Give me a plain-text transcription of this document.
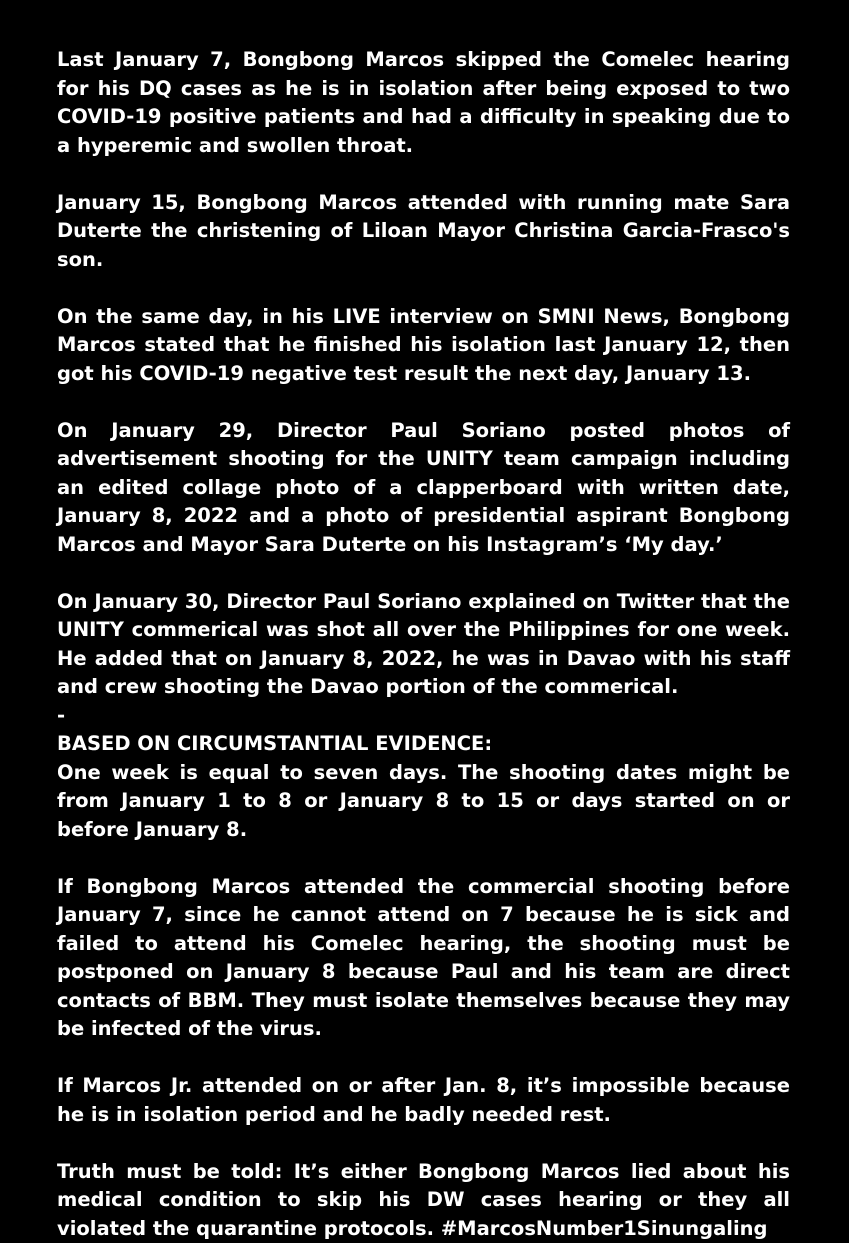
Last January 7, Bongbong Marcos skipped the Comelec hearing for his DQ cases as he is in isolation after being exposed to two COVID-19 positive patients and had a difficulty in speaking due to a hyperemic and swollen throat.

January 15, Bongbong Marcos attended with running mate Sara Duterte the christening of Liloan Mayor Christina Garcia-Frasco's son.

On the same day, in his LIVE interview on SMNI News, Bongbong Marcos stated that he finished his isolation last January 12, then got his COVID-19 negative test result the next day, January 13.

On January 29, Director Paul Soriano posted photos of advertisement shooting for the UNITY team campaign including an edited collage photo of a clapperboard with written date, January 8, 2022 and a photo of presidential aspirant Bongbong Marcos and Mayor Sara Duterte on his Instagram’s ‘My day.’

On January 30, Director Paul Soriano explained on Twitter that the UNITY commerical was shot all over the Philippines for one week. He added that on January 8, 2022, he was in Davao with his staff and crew shooting the Davao portion of the commerical.

-

BASED ON CIRCUMSTANTIAL EVIDENCE:

One week is equal to seven days. The shooting dates might be from January 1 to 8 or January 8 to 15 or days started on or before January 8.

If Bongbong Marcos attended the commercial shooting before January 7, since he cannot attend on 7 because he is sick and failed to attend his Comelec hearing, the shooting must be postponed on January 8 because Paul and his team are direct contacts of BBM. They must isolate themselves because they may be infected of the virus.

If Marcos Jr. attended on or after Jan. 8, it’s impossible because he is in isolation period and he badly needed rest.

Truth must be told: It’s either Bongbong Marcos lied about his medical condition to skip his DW cases hearing or they all violated the quarantine protocols. #MarcosNumber1Sinungaling
